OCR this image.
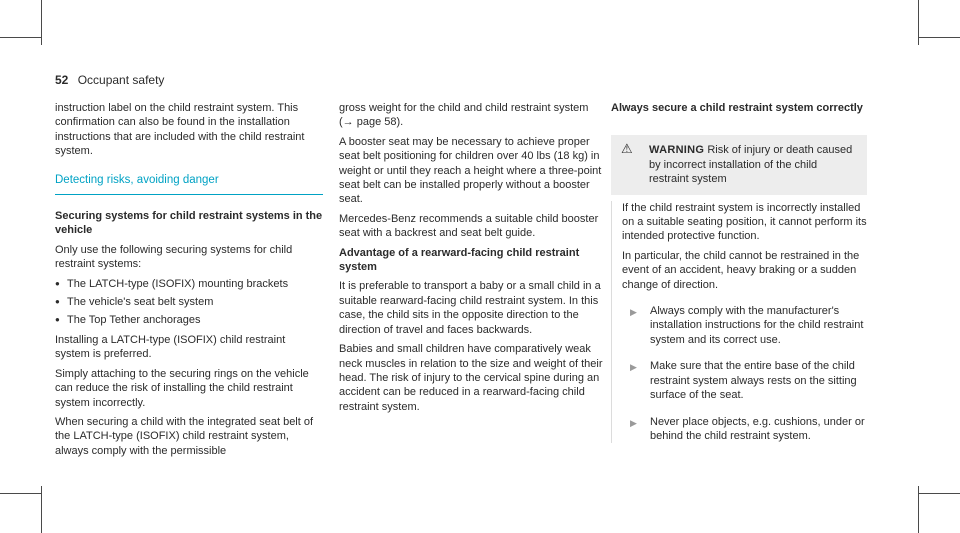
52 Occupant safety

instruction label on the child restraint system. This confirmation can also be found in the installation instructions that are included with the child restraint system.

Detecting risks, avoiding danger

Securing systems for child restraint systems in the vehicle

Only use the following securing systems for child restraint systems:

● The LATCH-type (ISOFIX) mounting brackets
● The vehicle's seat belt system
● The Top Tether anchorages

Installing a LATCH-type (ISOFIX) child restraint system is preferred.

Simply attaching to the securing rings on the vehicle can reduce the risk of installing the child restraint system incorrectly.

When securing a child with the integrated seat belt of the LATCH-type (ISOFIX) child restraint system, always comply with the permissible

gross weight for the child and child restraint system (→ page 58).

A booster seat may be necessary to achieve proper seat belt positioning for children over 40 lbs (18 kg) in weight or until they reach a height where a three-point seat belt can be installed properly without a booster seat.

Mercedes-Benz recommends a suitable child booster seat with a backrest and seat belt guide.

Advantage of a rearward-facing child restraint system

It is preferable to transport a baby or a small child in a suitable rearward-facing child restraint system. In this case, the child sits in the opposite direction to the direction of travel and faces backwards.

Babies and small children have comparatively weak neck muscles in relation to the size and weight of their head. The risk of injury to the cervical spine during an accident can be reduced in a rearward-facing child restraint system.

Always secure a child restraint system correctly

⚠ WARNING Risk of injury or death caused by incorrect installation of the child restraint system

If the child restraint system is incorrectly installed on a suitable seating position, it cannot perform its intended protective function.

In particular, the child cannot be restrained in the event of an accident, heavy braking or a sudden change of direction.

▶ Always comply with the manufacturer's installation instructions for the child restraint system and its correct use.
▶ Make sure that the entire base of the child restraint system always rests on the sitting surface of the seat.
▶ Never place objects, e.g. cushions, under or behind the child restraint system.
